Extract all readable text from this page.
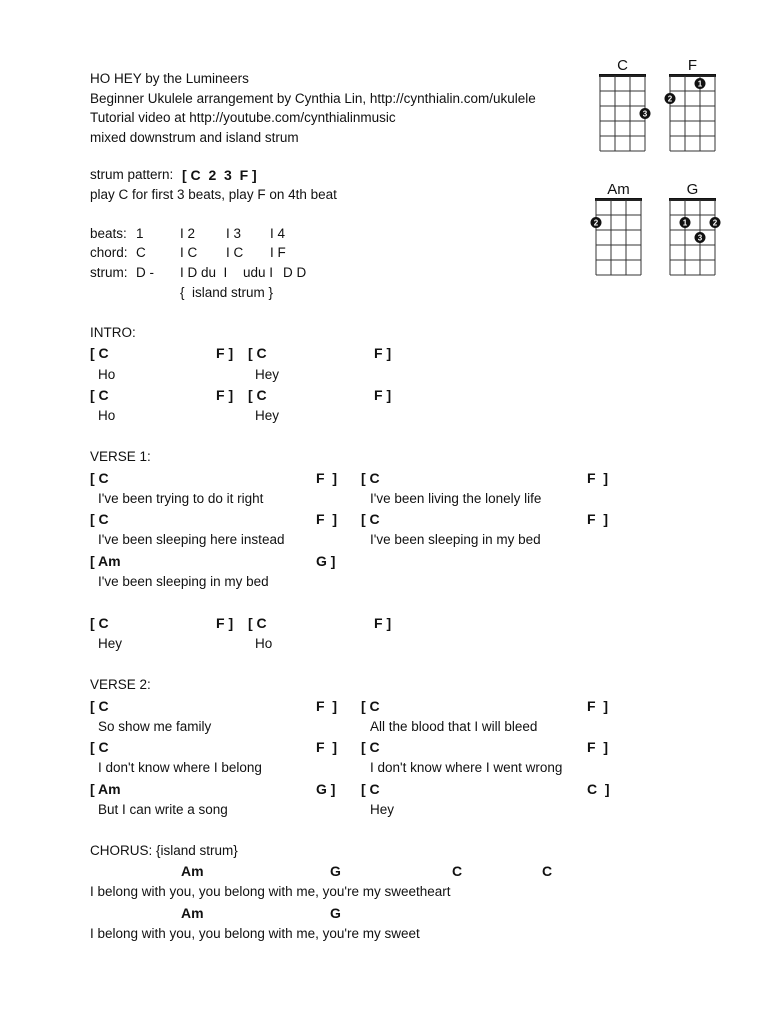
HO HEY by the Lumineers
Beginner Ukulele arrangement by Cynthia Lin, http://cynthialin.com/ukulele
Tutorial video at http://youtube.com/cynthialinmusic
mixed downstrum and island strum
strum pattern: [ C  2  3  F ]
play C for first 3 beats, play F on 4th beat
beats: 1	I 2 I 3 I 4
chord: C	I C I C I F
strum: D - I D du  I udu I D D
{  island strum }
C
3
F
1
2
Am
2
G
1	2
3
INTRO:
[ C	F ] [ C	F ]
Ho	Hey
[ C	F ] [ C	F ]
Ho	Hey
VERSE 1:
[ C	F  ] [ C	F  ]
I've been trying to do it right	I've been living the lonely life
[ C	F  ] [ C	F  ]
I've been sleeping here instead	I've been sleeping in my bed
[ Am	G ]
I've been sleeping in my bed
[ C	F ] [ C	F ]
Hey	Ho
VERSE 2:
[ C	F  ] [ C	F  ]
So show me family	All the blood that I will bleed
[ C	F  ] [ C	F  ]
I don't know where I belong	I don't know where I went wrong
[ Am	G ] [ C	C  ]
But I can write a song	Hey
CHORUS: {island strum}
Am	G	C	C
I belong with you, you belong with me, you're my sweetheart
Am	G
I belong with you, you belong with me, you're my sweet
